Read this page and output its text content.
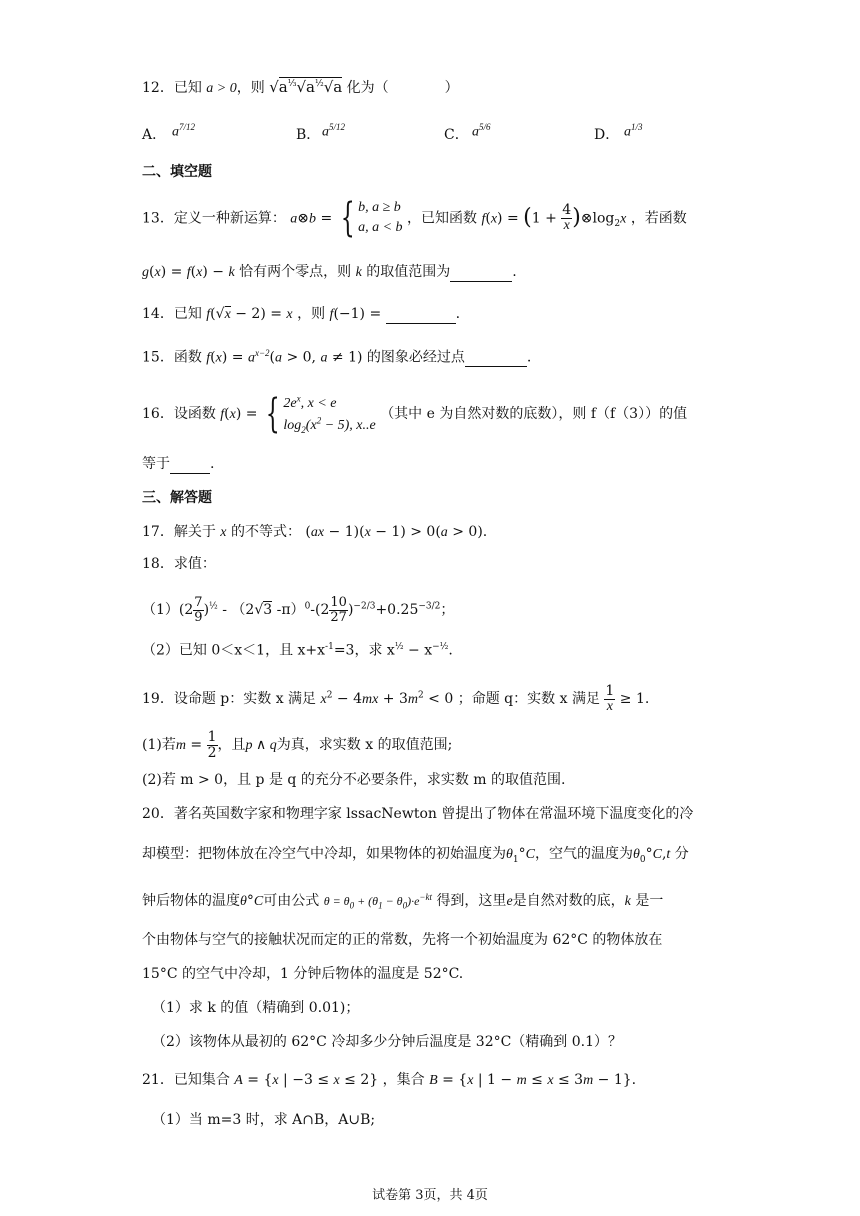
12．已知 a > 0，则 $√a^{\frac{1}{3}}√a^{\frac{1}{2}}√a$ 化为（	）
A． $a^{7/12}$	B． $a^{5/12}$	C． $a^{5/6}$	D． $a^{1/3}$
二、填空题
13．定义一种新运算： a⊗b = { b, a ≥ b
a, a < b ，已知函数 $f(x) = (1 + \frac{4}{x}$ )$\otimes\log_2x$ ，若函数
g(x) = f(x) − k 恰有两个零点，则 k 的取值范围为	.
14．已知 f(√x − 2) = x ，则 f(−1) =	.
15．函数 $f(x) = a^{x-2}(a > 0$, a ≠ 1) 的图象必经过点	.
16．设函数 f(x) = { $2e^x$, x < e
$\log_2(x^2 - 5)$, x..e （其中 e 为自然对数的底数），则 f（f（3））的值
等于	.
三、解答题
17．解关于 x 的不等式： (ax − 1)(x − 1) > 0(a > 0).
18．求值：
$(1)(2 \frac{7}{9} )^{\frac{1}{2}} - (2√3$ $-\pi)^0-(2 \frac{10}{27} )^{-2/3}+0.25^{-3/2}$；
（2）已知 0＜x＜1，且 $x+x^{-1}=3$，求 $x^{\frac{1}{2}} - x^{-\frac{1}{2}}$.
19．设命题 p：实数 x 满足 $x^2 - 4mx + 3m^2 < 0$ ；命题 q：实数 x 满足 $\frac{1}{x} \ge 1$.
(1)若$m = \frac{1}{2}$ ，且p ∧ q为真，求实数 x 的取值范围;
(2)若 m > 0，且 p 是 q 的充分不必要条件，求实数 m 的取值范围.
20．著名英国数字家和物理字家 lssacNewton 曾提出了物体在常温环境下温度变化的冷
却模型：把物体放在冷空气中冷却，如果物体的初始温度为$\theta_1^\circ C$，空气的温度为$\theta_0^\circ C,t$ 分
钟后物体的温度θ°C可由公式 $\theta = \theta_0 + (\theta_1 - \theta_0)\cdot e^{-kt}$ 得到，这里e是自然对数的底，k 是一
个由物体与空气的接触状况而定的正的常数，先将一个初始温度为 62°C 的物体放在
15°C 的空气中冷却，1 分钟后物体的温度是 52°C.
（1）求 k 的值（精确到 0.01)；
（2）该物体从最初的 62°C 冷却多少分钟后温度是 32°C（精确到 0.1）？
21．已知集合 A = {x | −3 ≤ x ≤ 2} ，集合 B = {x | 1 − m ≤ x ≤ 3m − 1}.
（1）当 m=3 时，求 A∩B，A∪B;
试卷第 3页，共 4页
